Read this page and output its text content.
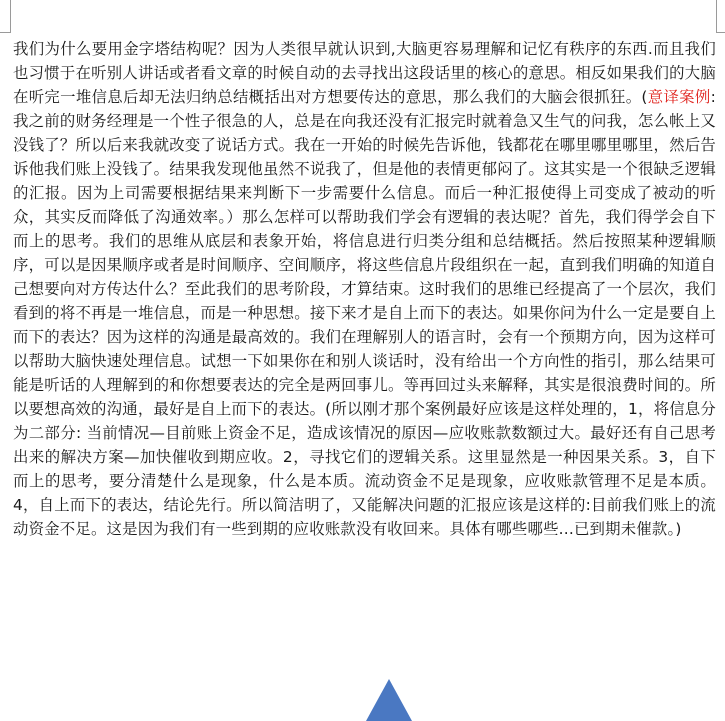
我们为什么要用金字塔结构呢？因为人类很早就认识到,大脑更容易理解和记忆有秩序的东西.而且我们也习惯于在听别人讲话或者看文章的时候自动的去寻找出这段话里的核心的意思。相反如果我们的大脑在听完一堆信息后却无法归纳总结概括出对方想要传达的意思，那么我们的大脑会很抓狂。(意译案例:我之前的财务经理是一个性子很急的人，总是在向我还没有汇报完时就着急又生气的问我，怎么帐上又没钱了？所以后来我就改变了说话方式。我在一开始的时候先告诉他，钱都花在哪里哪里哪里，然后告诉他我们账上没钱了。结果我发现他虽然不说我了，但是他的表情更郁闷了。这其实是一个很缺乏逻辑的汇报。因为上司需要根据结果来判断下一步需要什么信息。而后一种汇报使得上司变成了被动的听众，其实反而降低了沟通效率。）那么怎样可以帮助我们学会有逻辑的表达呢？首先，我们得学会自下而上的思考。我们的思维从底层和表象开始，将信息进行归类分组和总结概括。然后按照某种逻辑顺序，可以是因果顺序或者是时间顺序、空间顺序，将这些信息片段组织在一起，直到我们明确的知道自己想要向对方传达什么？至此我们的思考阶段，才算结束。这时我们的思维已经提高了一个层次，我们看到的将不再是一堆信息，而是一种思想。接下来才是自上而下的表达。如果你问为什么一定是要自上而下的表达？因为这样的沟通是最高效的。我们在理解别人的语言时，会有一个预期方向，因为这样可以帮助大脑快速处理信息。试想一下如果你在和别人谈话时，没有给出一个方向性的指引，那么结果可能是听话的人理解到的和你想要表达的完全是两回事儿。等再回过头来解释，其实是很浪费时间的。所以要想高效的沟通，最好是自上而下的表达。(所以刚才那个案例最好应该是这样处理的，1，将信息分为二部分: 当前情况—目前账上资金不足，造成该情况的原因—应收账款数额过大。最好还有自己思考出来的解决方案—加快催收到期应收。2，寻找它们的逻辑关系。这里显然是一种因果关系。3，自下而上的思考，要分清楚什么是现象，什么是本质。流动资金不足是现象，应收账款管理不足是本质。4，自上而下的表达，结论先行。所以简洁明了，又能解决问题的汇报应该是这样的:目前我们账上的流动资金不足。这是因为我们有一些到期的应收账款没有收回来。具体有哪些哪些...已到期未催款。)
